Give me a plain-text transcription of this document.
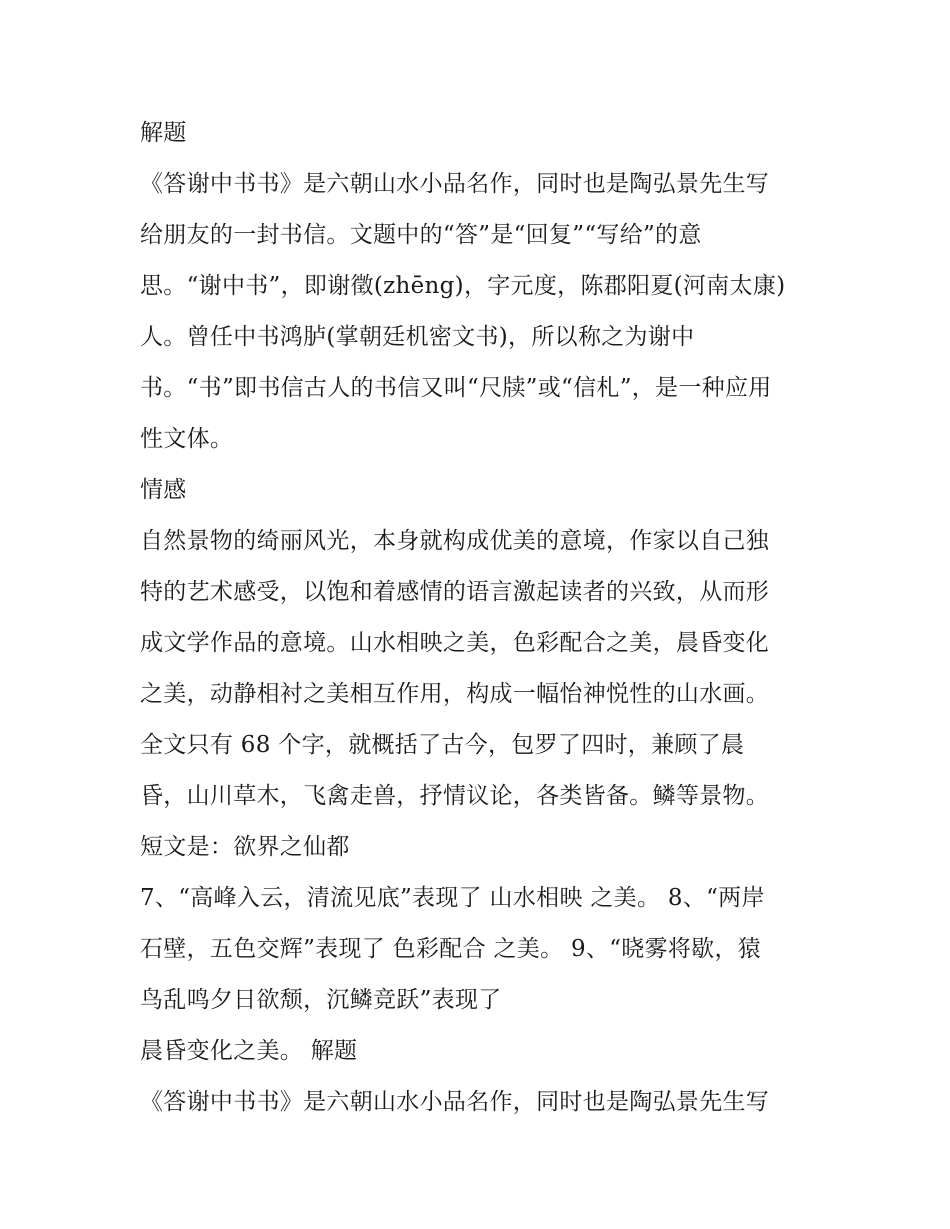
解题
《答谢中书书》是六朝山水小品名作，同时也是陶弘景先生写
给朋友的一封书信。文题中的“答”是“回复”“写给”的意
思。“谢中书”，即谢徵(zhēng)，字元度，陈郡阳夏(河南太康)
人。曾任中书鸿胪(掌朝廷机密文书)，所以称之为谢中
书。“书”即书信古人的书信又叫“尺牍”或“信札”，是一种应用
性文体。
情感
自然景物的绮丽风光，本身就构成优美的意境，作家以自己独
特的艺术感受，以饱和着感情的语言激起读者的兴致，从而形
成文学作品的意境。山水相映之美，色彩配合之美，晨昏变化
之美，动静相衬之美相互作用，构成一幅怡神悦性的山水画。
全文只有 68 个字，就概括了古今，包罗了四时，兼顾了晨
昏，山川草木，飞禽走兽，抒情议论，各类皆备。鳞等景物。
短文是：欲界之仙都
7、“高峰入云，清流见底”表现了 山水相映 之美。 8、“两岸
石壁，五色交辉”表现了 色彩配合 之美。 9、“晓雾将歇，猿
鸟乱鸣夕日欲颓，沉鳞竞跃”表现了
晨昏变化之美。 解题
《答谢中书书》是六朝山水小品名作，同时也是陶弘景先生写
